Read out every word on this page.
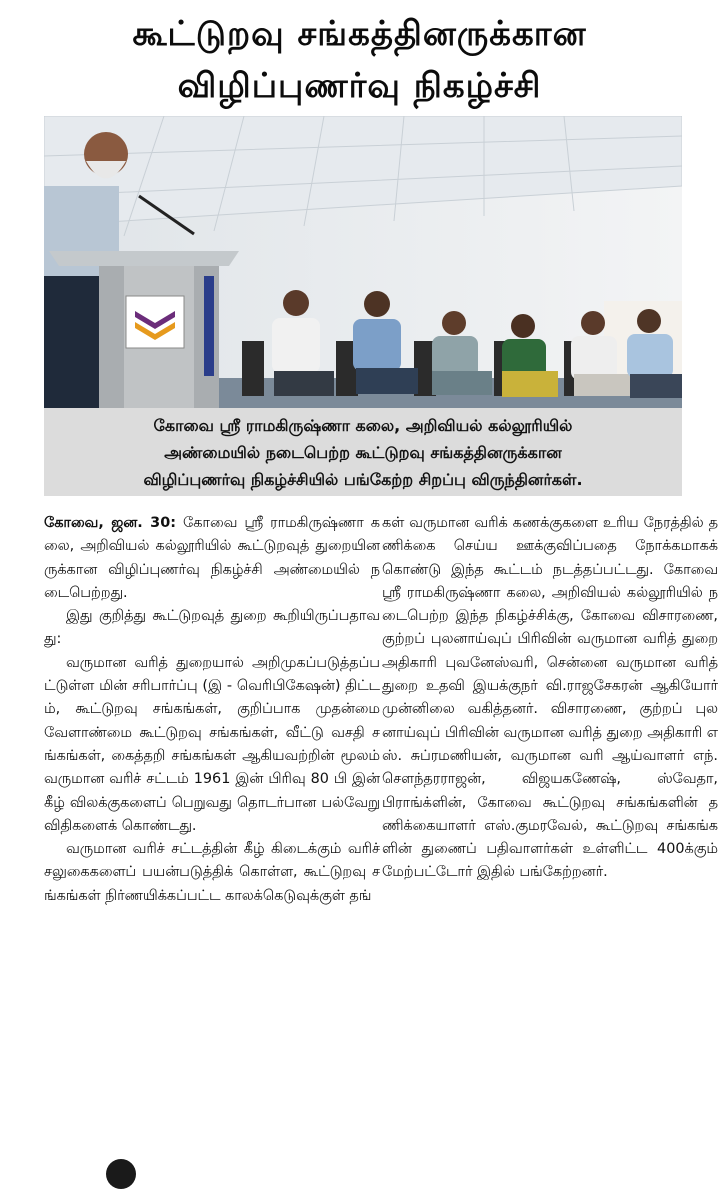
கூட்டுறவு சங்கத்தினருக்கான
விழிப்புணர்வு நிகழ்ச்சி
கோவை ஸ்ரீ ராமகிருஷ்ணா கலை, அறிவியல் கல்லூரியில்
அண்மையில் நடைபெற்ற கூட்டுறவு சங்கத்தினருக்கான
விழிப்புணர்வு நிகழ்ச்சியில் பங்கேற்ற சிறப்பு விருந்தினர்கள்.

கோவை, ஜன. 30: கோவை ஸ்ரீ ராமகிருஷ்ணா கலை, அறிவியல் கல்லூரியில் கூட்டுறவுத் துறையினருக்கான விழிப்புணர்வு நிகழ்ச்சி அண்மையில் நடைபெற்றது.

இது குறித்து கூட்டுறவுத் துறை கூறியிருப்பதாவது:

வருமான வரித் துறையால் அறிமுகப்படுத்தப்பட்டுள்ள மின் சரிபார்ப்பு (இ - வெரிபிகேஷன்) திட்டம், கூட்டுறவு சங்கங்கள், குறிப்பாக முதன்மை வேளாண்மை கூட்டுறவு சங்கங்கள், வீட்டு வசதி சங்கங்கள், கைத்தறி சங்கங்கள் ஆகியவற்றின் மூலம் வருமான வரிச் சட்டம் 1961 இன் பிரிவு 80 பி இன் கீழ் விலக்குகளைப் பெறுவது தொடர்பான பல்வேறு விதிகளைக் கொண்டது.

வருமான வரிச் சட்டத்தின் கீழ் கிடைக்கும் வரிச் சலுகைகளைப் பயன்படுத்திக் கொள்ள, கூட்டுறவு சங்கங்கள் நிர்ணயிக்கப்பட்ட காலக்கெடுவுக்குள் தங்

கள் வருமான வரிக் கணக்குகளை உரிய நேரத்தில் தணிக்கை செய்ய ஊக்குவிப்பதை நோக்கமாகக் கொண்டு இந்த கூட்டம் நடத்தப்பட்டது. கோவை ஸ்ரீ ராமகிருஷ்ணா கலை, அறிவியல் கல்லூரியில் நடைபெற்ற இந்த நிகழ்ச்சிக்கு, கோவை விசாரணை, குற்றப் புலனாய்வுப் பிரிவின் வருமான வரித் துறை அதிகாரி புவனேஸ்வரி, சென்னை வருமான வரித் துறை உதவி இயக்குநர் வி.ராஜசேகரன் ஆகியோர் முன்னிலை வகித்தனர். விசாரணை, குற்றப் புலனாய்வுப் பிரிவின் வருமான வரித் துறை அதிகாரி எஸ். சுப்ரமணியன், வருமான வரி ஆய்வாளர் எந்.சௌந்தரராஜன், விஜயகணேஷ், ஸ்வேதா, பிராங்க்ளின், கோவை கூட்டுறவு சங்கங்களின் தணிக்கையாளர் எஸ்.குமரவேல், கூட்டுறவு சங்கங்களின் துணைப் பதிவாளர்கள் உள்ளிட்ட 400க்கும் மேற்பட்டோர் இதில் பங்கேற்றனர்.
